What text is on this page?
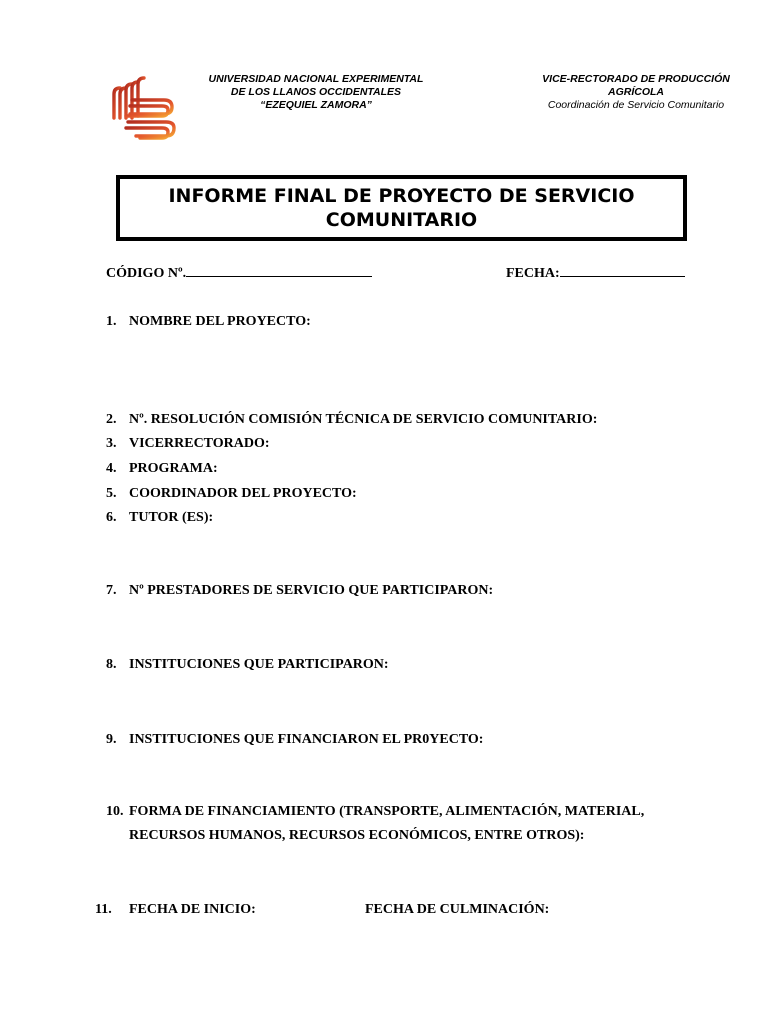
UNIVERSIDAD NACIONAL EXPERIMENTAL
DE LOS LLANOS OCCIDENTALES
“EZEQUIEL ZAMORA”
VICE-RECTORADO DE PRODUCCIÓN
AGRÍCOLA
Coordinación de Servicio Comunitario
INFORME FINAL DE PROYECTO DE SERVICIO
COMUNITARIO
CÓDIGO Nº.	FECHA:
1. NOMBRE DEL PROYECTO:
2. Nº. RESOLUCIÓN COMISIÓN TÉCNICA DE SERVICIO COMUNITARIO:
3. VICERRECTORADO:
4. PROGRAMA:
5. COORDINADOR DEL PROYECTO:
6. TUTOR (ES):
7. Nº PRESTADORES DE SERVICIO QUE PARTICIPARON:
8. INSTITUCIONES QUE PARTICIPARON:
9. INSTITUCIONES QUE FINANCIARON EL PR0YECTO:
10. FORMA DE FINANCIAMIENTO (TRANSPORTE, ALIMENTACIÓN, MATERIAL,
RECURSOS HUMANOS, RECURSOS ECONÓMICOS, ENTRE OTROS):
11. FECHA DE INICIO:	FECHA DE CULMINACIÓN:
